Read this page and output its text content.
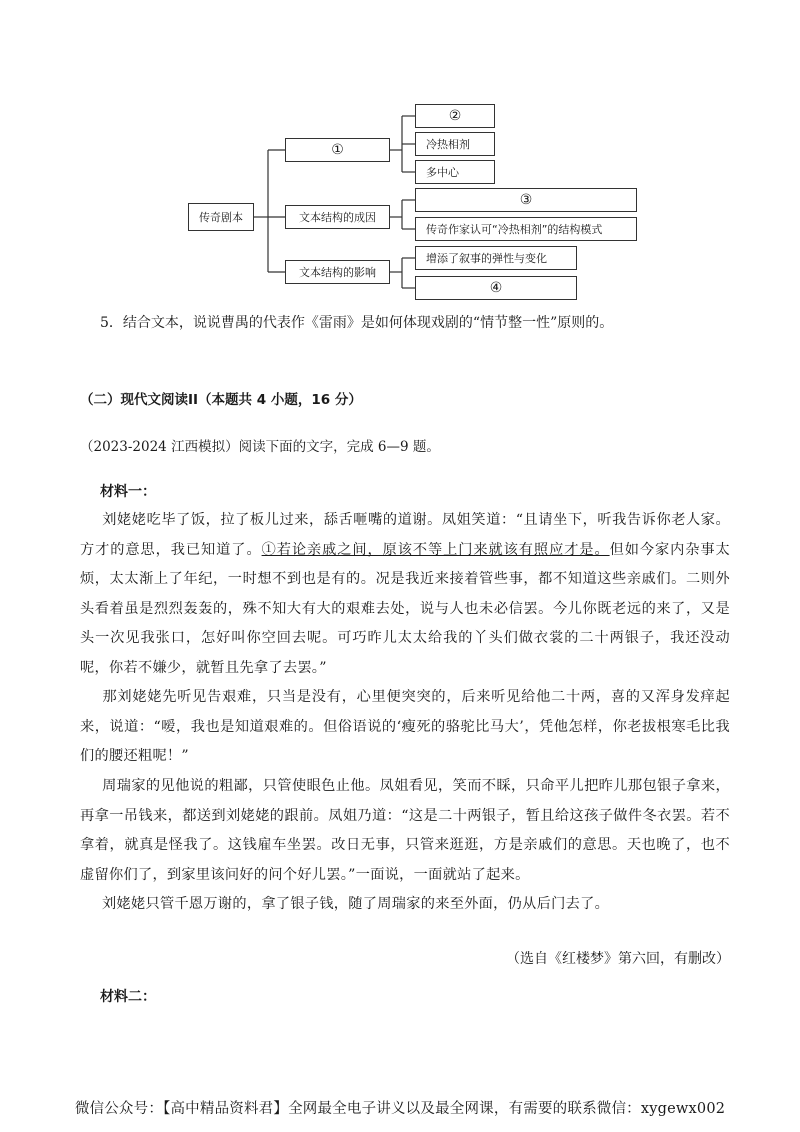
传奇剧本
①
文本结构的成因
文本结构的影响
②
冷热相剂
多中心
③
传奇作家认可“冷热相剂”的结构模式
增添了叙事的弹性与变化
④
5．结合文本，说说曹禺的代表作《雷雨》是如何体现戏剧的“情节整一性”原则的。
（二）现代文阅读II（本题共 4 小题，16 分）
（2023-2024 江西模拟）阅读下面的文字，完成 6—9 题。
材料一：

刘姥姥吃毕了饭，拉了板儿过来，舔舌咂嘴的道谢。凤姐笑道：“且请坐下，听我告诉你老人家。方才的意思，我已知道了。①若论亲戚之间，原该不等上门来就该有照应才是。但如今家内杂事太烦，太太渐上了年纪，一时想不到也是有的。况是我近来接着管些事，都不知道这些亲戚们。二则外头看着虽是烈烈轰轰的，殊不知大有大的艰难去处，说与人也未必信罢。今儿你既老远的来了，又是头一次见我张口，怎好叫你空回去呢。可巧昨儿太太给我的丫头们做衣裳的二十两银子，我还没动呢，你若不嫌少，就暂且先拿了去罢。”

那刘姥姥先听见告艰难，只当是没有，心里便突突的，后来听见给他二十两，喜的又浑身发痒起来，说道：“嗳，我也是知道艰难的。但俗语说的‘瘦死的骆驼比马大’，凭他怎样，你老拔根寒毛比我们的腰还粗呢！”

周瑞家的见他说的粗鄙，只管使眼色止他。凤姐看见，笑而不睬，只命平儿把昨儿那包银子拿来，再拿一吊钱来，都送到刘姥姥的跟前。凤姐乃道：“这是二十两银子，暂且给这孩子做件冬衣罢。若不拿着，就真是怪我了。这钱雇车坐罢。改日无事，只管来逛逛，方是亲戚们的意思。天也晚了，也不虚留你们了，到家里该问好的问个好儿罢。”一面说，一面就站了起来。

刘姥姥只管千恩万谢的，拿了银子钱，随了周瑞家的来至外面，仍从后门去了。

（选自《红楼梦》第六回，有删改）
材料二：
微信公众号：【高中精品资料君】全网最全电子讲义以及最全网课，有需要的联系微信：xygewx002
